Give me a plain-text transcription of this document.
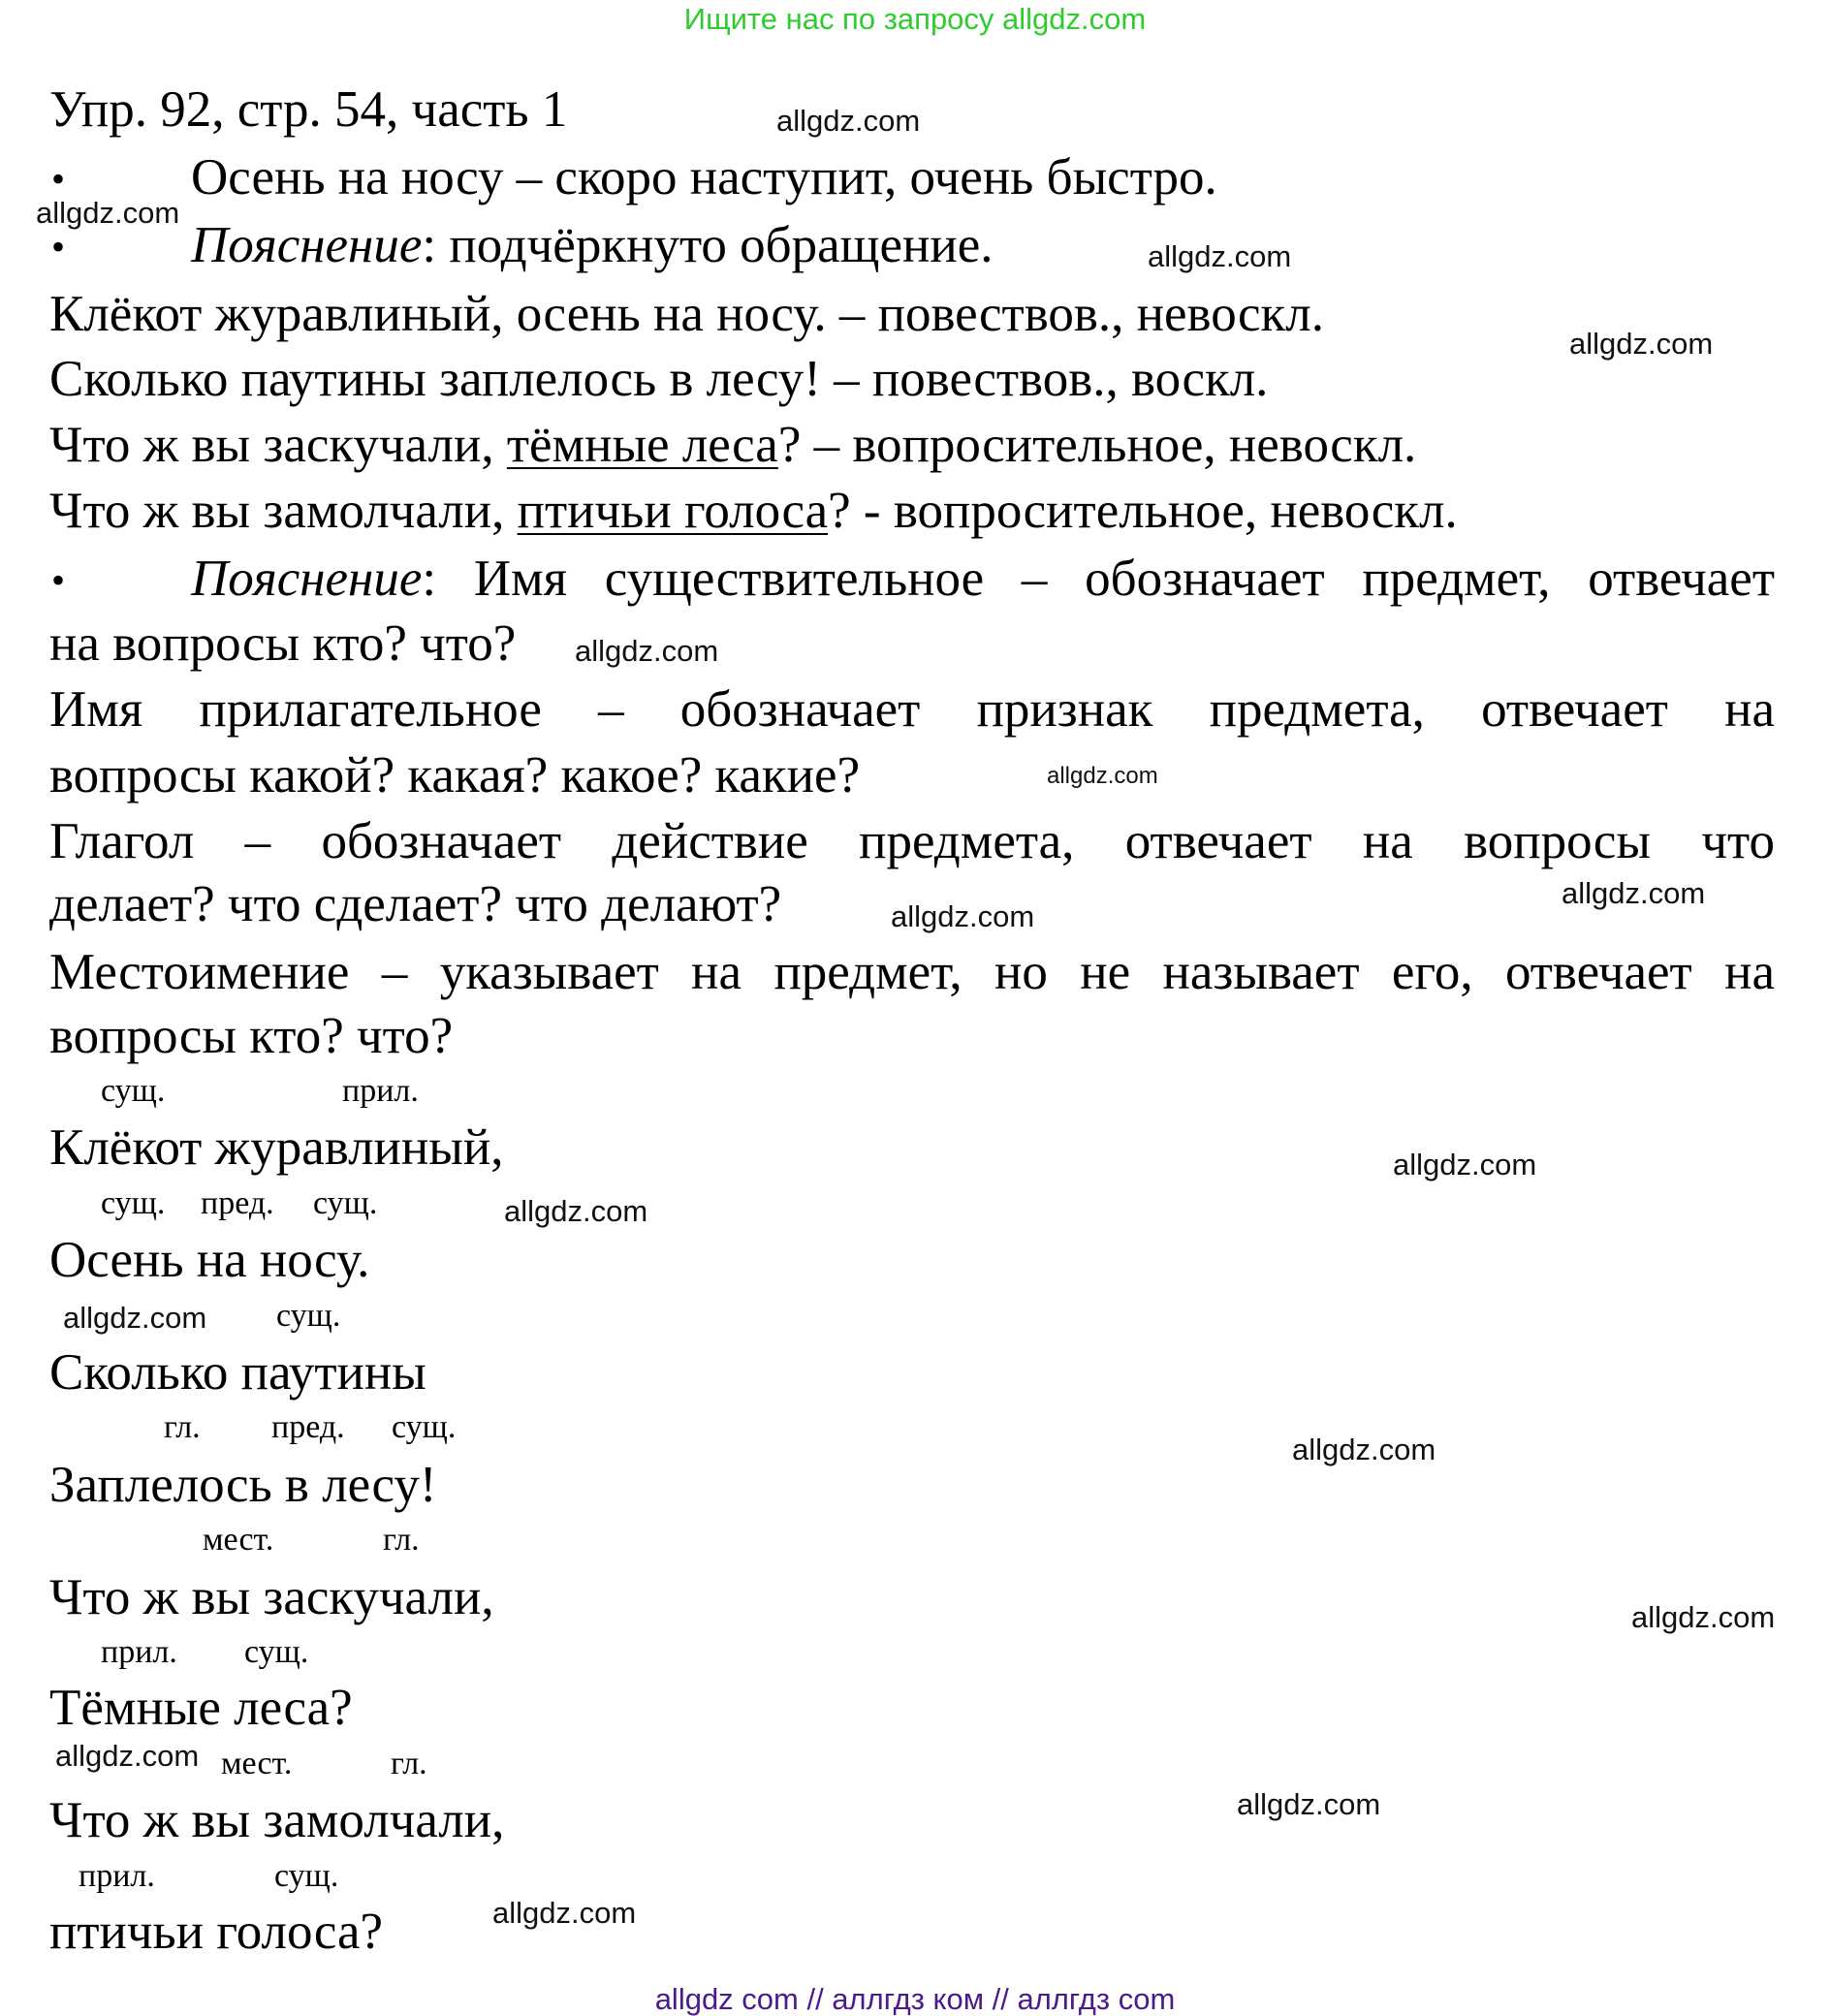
Ищите нас по запросу allgdz.com
Упр. 92, стр. 54, часть 1
• Осень на носу – скоро наступит, очень быстро.
• Пояснение: подчёркнуто обращение.
Клёкот журавлиный, осень на носу. – повествов., невоскл.
Сколько паутины заплелось в лесу! – повествов., воскл.
Что ж вы заскучали, тёмные леса? – вопросительное, невоскл.
Что ж вы замолчали, птичьи голоса? - вопросительное, невоскл.
• Пояснение: Имя существительное – обозначает предмет, отвечает
на вопросы кто? что?
Имя прилагательное – обозначает признак предмета, отвечает на
вопросы какой? какая? какое? какие?
Глагол – обозначает действие предмета, отвечает на вопросы что
делает? что сделает? что делают?
Местоимение – указывает на предмет, но не называет его, отвечает на
вопросы кто? что?
сущ.	прил.
Клёкот журавлиный,
сущ. пред. сущ.
Осень на носу.
сущ.
Сколько паутины
гл. пред. сущ.
Заплелось в лесу!
мест.	гл.
Что ж вы заскучали,
прил. сущ.
Тёмные леса?
мест.	гл.
Что ж вы замолчали,
прил.	сущ.
птичьи голоса?
allgdz.com
allgdz.com
allgdz.com
allgdz.com
allgdz.com
allgdz.com
allgdz.com
allgdz.com
allgdz.com
allgdz.com
allgdz.com
allgdz.com
allgdz.com
allgdz.com
allgdz.com
allgdz.com
allgdz com // аллгдз ком // аллгдз com
